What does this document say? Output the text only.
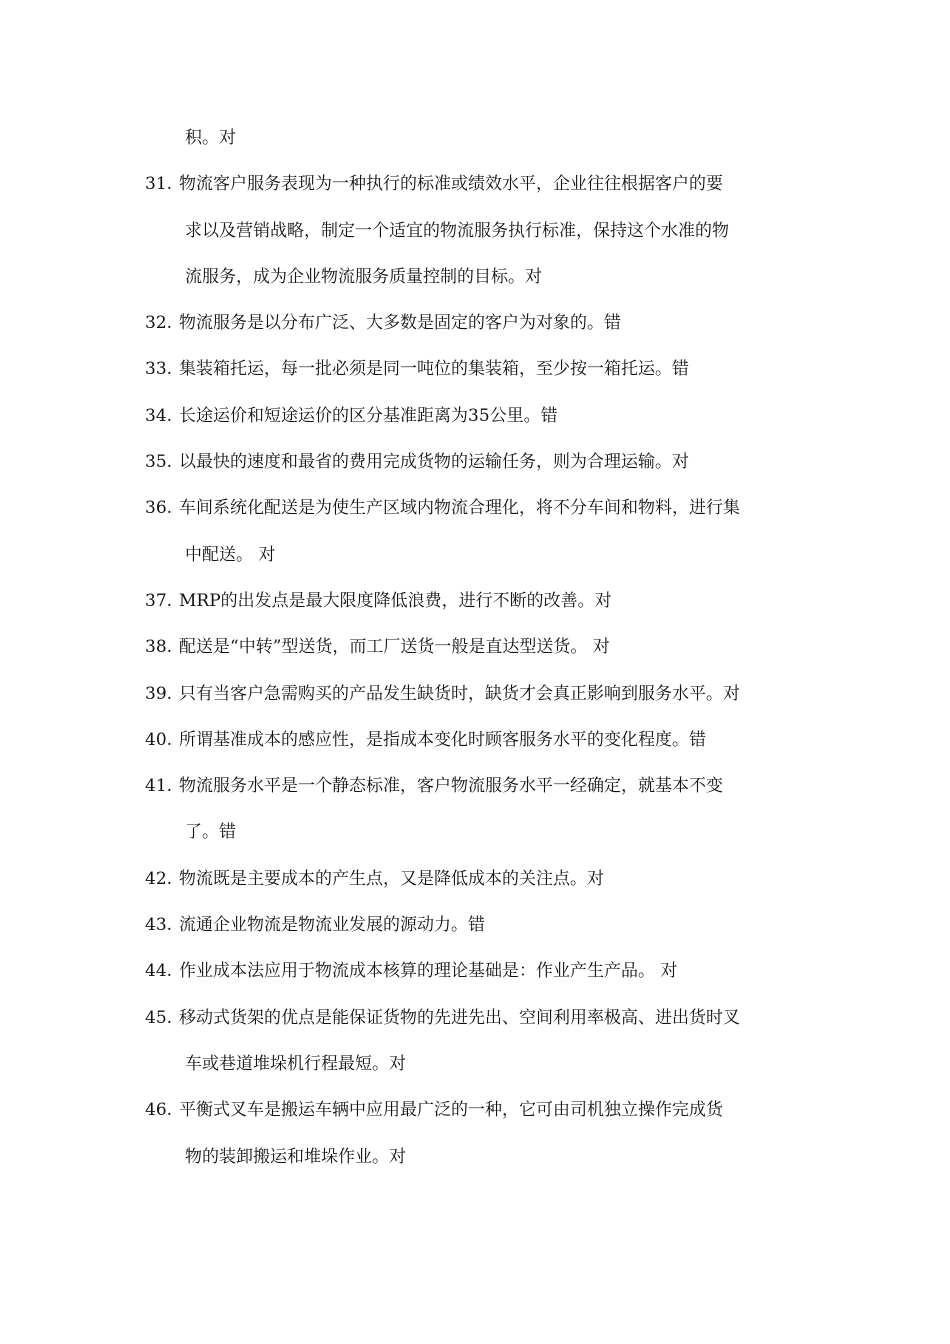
积。对
31. 物流客户服务表现为一种执行的标准或绩效水平，企业往往根据客户的要
求以及营销战略，制定一个适宜的物流服务执行标准，保持这个水准的物
流服务，成为企业物流服务质量控制的目标。对
32. 物流服务是以分布广泛、大多数是固定的客户为对象的。错
33. 集装箱托运，每一批必须是同一吨位的集装箱，至少按一箱托运。错
34. 长途运价和短途运价的区分基准距离为35公里。错
35. 以最快的速度和最省的费用完成货物的运输任务，则为合理运输。对
36. 车间系统化配送是为使生产区域内物流合理化，将不分车间和物料，进行集
中配送。 对
37. MRP的出发点是最大限度降低浪费，进行不断的改善。对
38. 配送是“中转”型送货，而工厂送货一般是直达型送货。 对
39. 只有当客户急需购买的产品发生缺货时，缺货才会真正影响到服务水平。对
40. 所谓基准成本的感应性，是指成本变化时顾客服务水平的变化程度。错
41. 物流服务水平是一个静态标准，客户物流服务水平一经确定，就基本不变
了。错
42. 物流既是主要成本的产生点，又是降低成本的关注点。对
43. 流通企业物流是物流业发展的源动力。错
44. 作业成本法应用于物流成本核算的理论基础是：作业产生产品。 对
45. 移动式货架的优点是能保证货物的先进先出、空间利用率极高、进出货时叉
车或巷道堆垛机行程最短。对
46. 平衡式叉车是搬运车辆中应用最广泛的一种，它可由司机独立操作完成货
物的装卸搬运和堆垛作业。对
